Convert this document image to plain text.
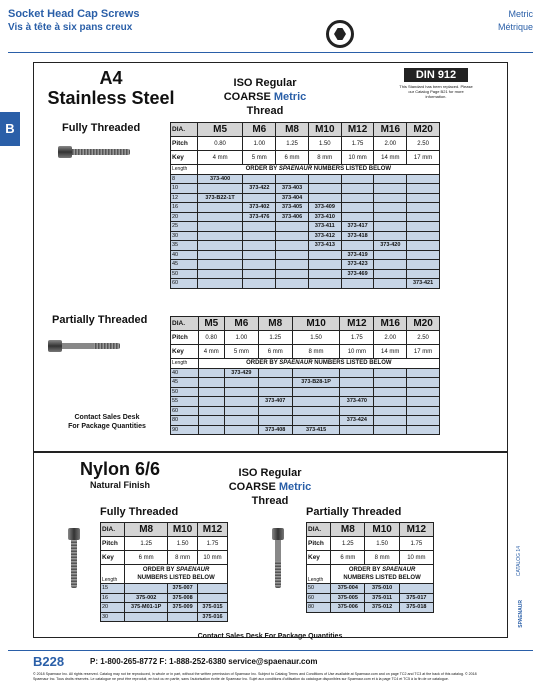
Socket Head Cap Screws
Vis à tête à six pans creux
Metric
Métrique
B
A4
Stainless Steel
ISO Regular
COARSE Metric Thread
DIN 912
This Standard has been replaced. Please our Catalog Page B21 for more information.
Fully Threaded	DIA.	M5	M6	M8	M10	M12	M16	M20
Pitch	0.80	1.00	1.25	1.50	1.75	2.00	2.50
Key	4 mm	5 mm	6 mm	8 mm	10 mm	14 mm	17 mm
Length	ORDER BY SPAENAUR NUMBERS LISTED BELOW						
8	373-400						
10		373-422	373-403				
12	373-B22-1T		373-404				
16		373-402	373-405	373-409			
20		373-476	373-406	373-410			
25				373-411	373-417		
30				373-412	373-418		
35				373-413		373-420	
40					373-419		
45					373-423		
50					373-469		
60							373-421
Partially Threaded	DIA.	M5	M6	M8	M10	M12	M16	M20
Pitch	0.80	1.00	1.25	1.50	1.75	2.00	2.50
Key	4 mm	5 mm	6 mm	8 mm	10 mm	14 mm	17 mm
Length	ORDER BY SPAENAUR NUMBERS LISTED BELOW						
40		373-429					
45				373-B28-1P			
50							
55			373-407		373-470		
60							
80					373-424		
90			373-408	373-415			
Contact Sales Desk
For Package Quantities
Nylon 6/6
Natural Finish
ISO Regular
COARSE Metric Thread
Fully Threaded
DIA.	M8	M10	M12
Pitch	1.25	1.50	1.75
Key	6 mm	8 mm	10 mm
Length	ORDER BY SPAENAUR
NUMBERS LISTED BELOW		

15		375-007	
16	375-002	375-008	
20	375-M01-1P	375-009	375-015
30			375-016
Partially Threaded
DIA.	M8	M10	M12
Pitch	1.25	1.50	1.75
Key	6 mm	8 mm	10 mm
Length	ORDER BY SPAENAUR
NUMBERS LISTED BELOW		

50	375-004	375-010	
60	375-005	375-011	375-017
80	375-006	375-012	375-018
Contact Sales Desk For Package Quantities
B228	P: 1-800-265-8772 F: 1-888-252-6380 service@spaenaur.com
© 2018 Spaenaur Inc. All rights reserved. Catalog may not be reproduced, in whole or in part, without the written permission of Spaenaur Inc. Subject to Catalog Terms and Conditions of Use available at Spaenaur.com and on page TC2 and TC3 at the back of this catalog. © 2018 Spaenaur Inc. Tous droits réservés. Le catalogue ne peut être reproduit, en tout ou en partie, sans l'autorisation écrite de Spaenaur Inc. Sujet aux conditions d'utilisation du catalogue disponibles sur Spaenaur.com et à la page TC4 et TC5 à la fin de ce catalogue.
CATALOG 14
SPAENAUR
